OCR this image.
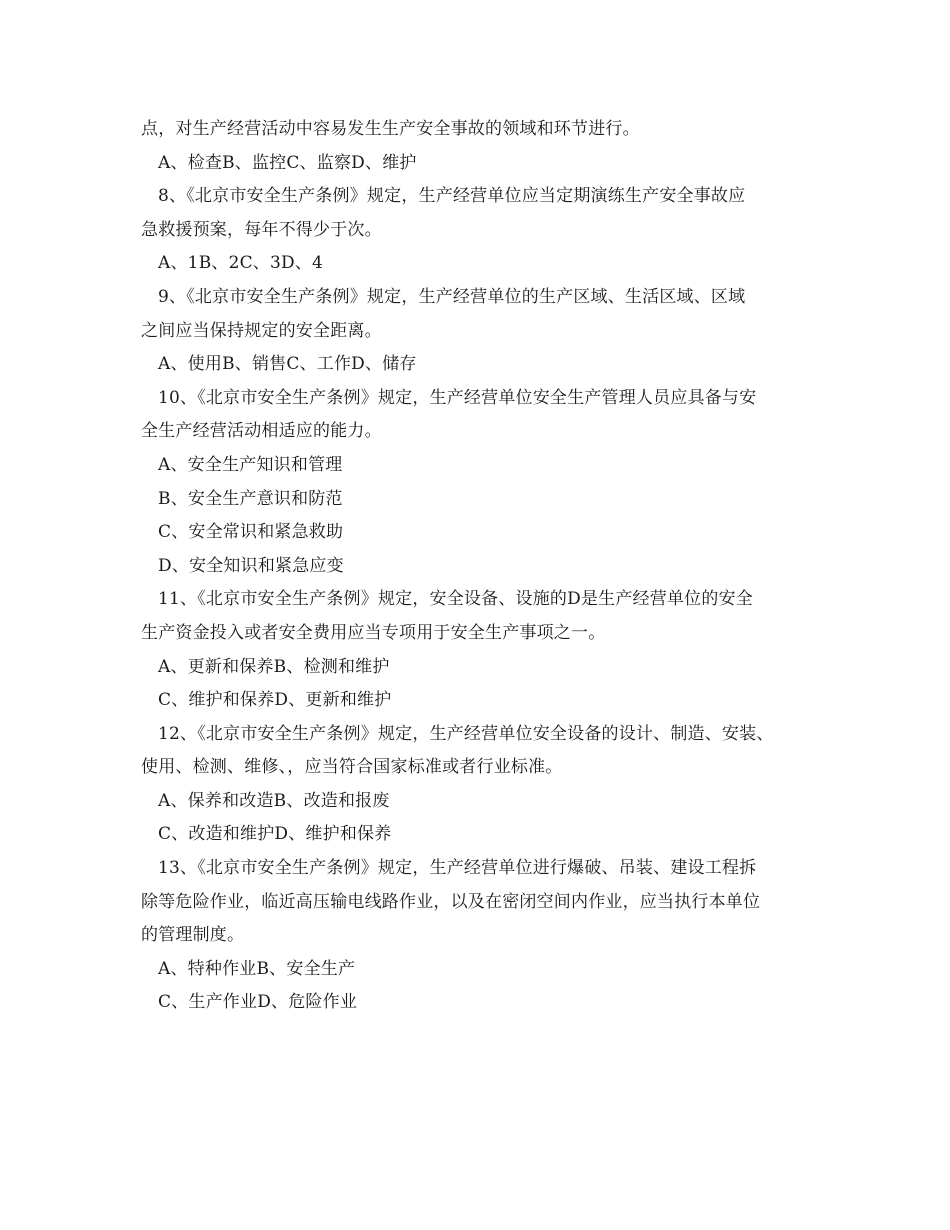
点，对生产经营活动中容易发生生产安全事故的领域和环节进行。
A、检查B、监控C、监察D、维护
8、《北京市安全生产条例》规定，生产经营单位应当定期演练生产安全事故应
急救援预案，每年不得少于次。
A、1B、2C、3D、4
9、《北京市安全生产条例》规定，生产经营单位的生产区域、生活区域、区域
之间应当保持规定的安全距离。
A、使用B、销售C、工作D、储存
10、《北京市安全生产条例》规定，生产经营单位安全生产管理人员应具备与安
全生产经营活动相适应的能力。
A、安全生产知识和管理
B、安全生产意识和防范
C、安全常识和紧急救助
D、安全知识和紧急应变
11、《北京市安全生产条例》规定，安全设备、设施的D是生产经营单位的安全
生产资金投入或者安全费用应当专项用于安全生产事项之一。
A、更新和保养B、检测和维护
C、维护和保养D、更新和维护
12、《北京市安全生产条例》规定，生产经营单位安全设备的设计、制造、安装、
使用、检测、维修、，应当符合国家标准或者行业标准。
A、保养和改造B、改造和报废
C、改造和维护D、维护和保养
13、《北京市安全生产条例》规定，生产经营单位进行爆破、吊装、建设工程拆
除等危险作业，临近高压输电线路作业，以及在密闭空间内作业，应当执行本单位
的管理制度。
A、特种作业B、安全生产
C、生产作业D、危险作业
